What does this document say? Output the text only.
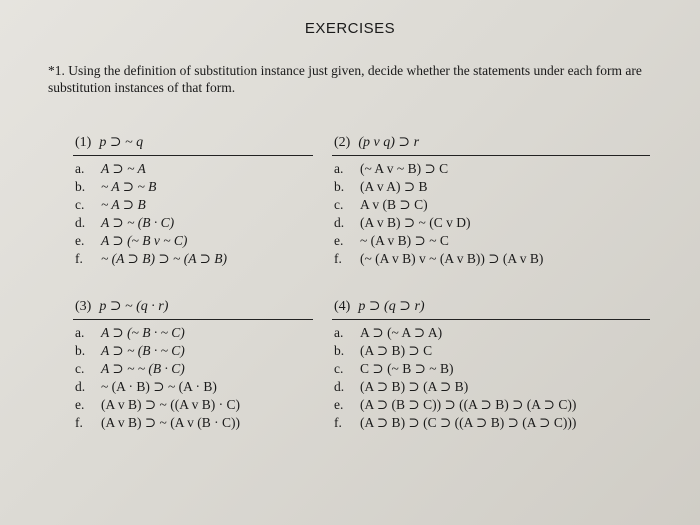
EXERCISES
*1. Using the definition of substitution instance just given, decide whether the statements under each form are substitution instances of that form.
(1) p ⊃ ~ q
a.	A ⊃ ~ A
b.	~ A ⊃ ~ B
c.	~ A ⊃ B
d.	A ⊃ ~ (B · C)
e.	A ⊃ (~ B v ~ C)
f.	~ (A ⊃ B) ⊃ ~ (A ⊃ B)
(3) p ⊃ ~ (q · r)
a.	A ⊃ (~ B · ~ C)
b.	A ⊃ ~ (B · ~ C)
c.	A ⊃ ~ ~ (B · C)
d.	~ (A · B) ⊃ ~ (A · B)
e.	(A v B) ⊃ ~ ((A v B) · C)
f.	(A v B) ⊃ ~ (A v (B · C))
(2) (p v q) ⊃ r
a.	(~ A v ~ B) ⊃ C
b.	(A v A) ⊃ B
c.	A v (B ⊃ C)
d.	(A v B) ⊃ ~ (C v D)
e.	~ (A v B) ⊃ ~ C
f.	(~ (A v B) v ~ (A v B)) ⊃ (A v B)
(4) p ⊃ (q ⊃ r)
a.	A ⊃ (~ A ⊃ A)
b.	(A ⊃ B) ⊃ C
c.	C ⊃ (~ B ⊃ ~ B)
d.	(A ⊃ B) ⊃ (A ⊃ B)
e.	(A ⊃ (B ⊃ C)) ⊃ ((A ⊃ B) ⊃ (A ⊃ C))
f.	(A ⊃ B) ⊃ (C ⊃ ((A ⊃ B) ⊃ (A ⊃ C)))
